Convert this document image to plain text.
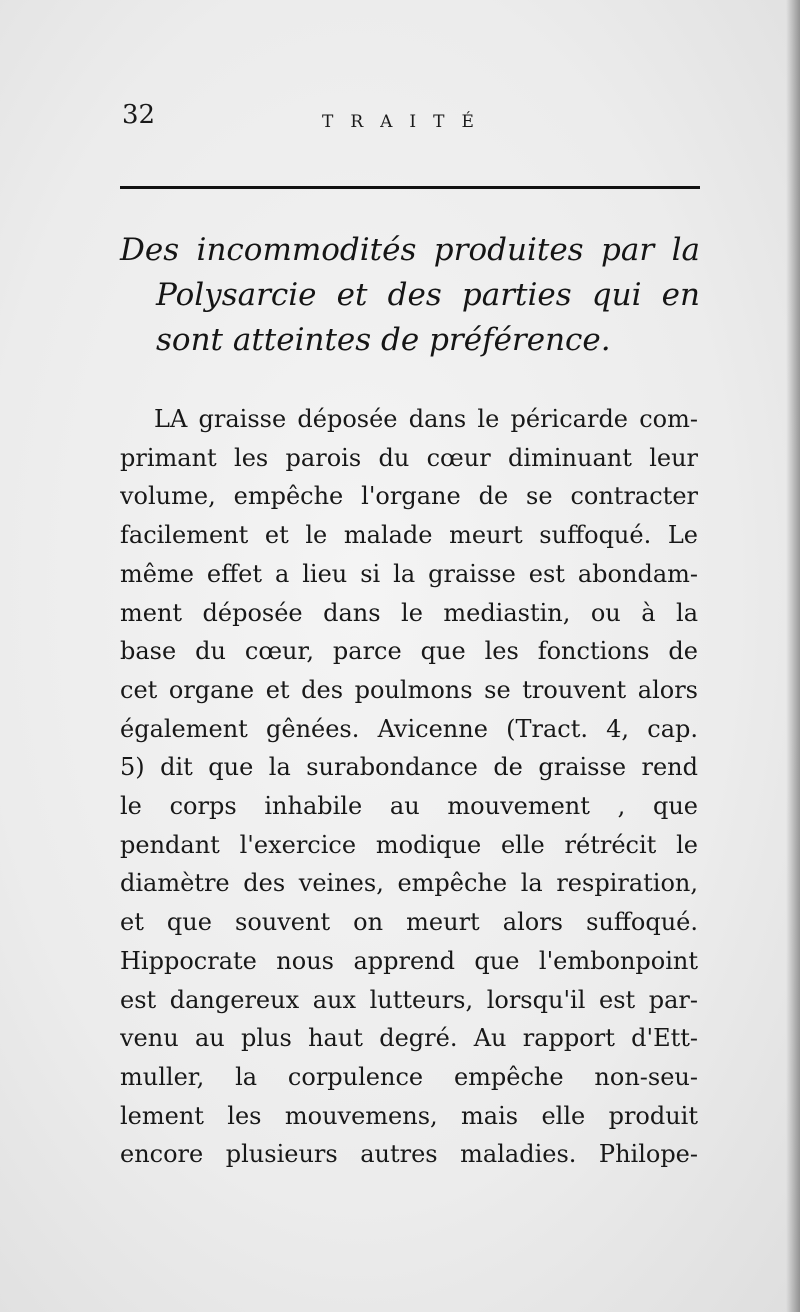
32	TRAITÉ
Des incommodités produites par la
Polysarcie et des parties qui en
sont atteintes de préférence.
LA graisse déposée dans le péricarde com-
primant les parois du cœur diminuant leur
volume, empêche l'organe de se contracter
facilement et le malade meurt suffoqué. Le
même effet a lieu si la graisse est abondam-
ment déposée dans le mediastin, ou à la
base du cœur, parce que les fonctions de
cet organe et des poulmons se trouvent alors
également gênées. Avicenne (Tract. 4, cap.
5) dit que la surabondance de graisse rend
le corps inhabile au mouvement , que
pendant l'exercice modique elle rétrécit le
diamètre des veines, empêche la respiration,
et que souvent on meurt alors suffoqué.
Hippocrate nous apprend que l'embonpoint
est dangereux aux lutteurs, lorsqu'il est par-
venu au plus haut degré. Au rapport d'Ett-
muller, la corpulence empêche non-seu-
lement les mouvemens, mais elle produit
encore plusieurs autres maladies. Philope-
